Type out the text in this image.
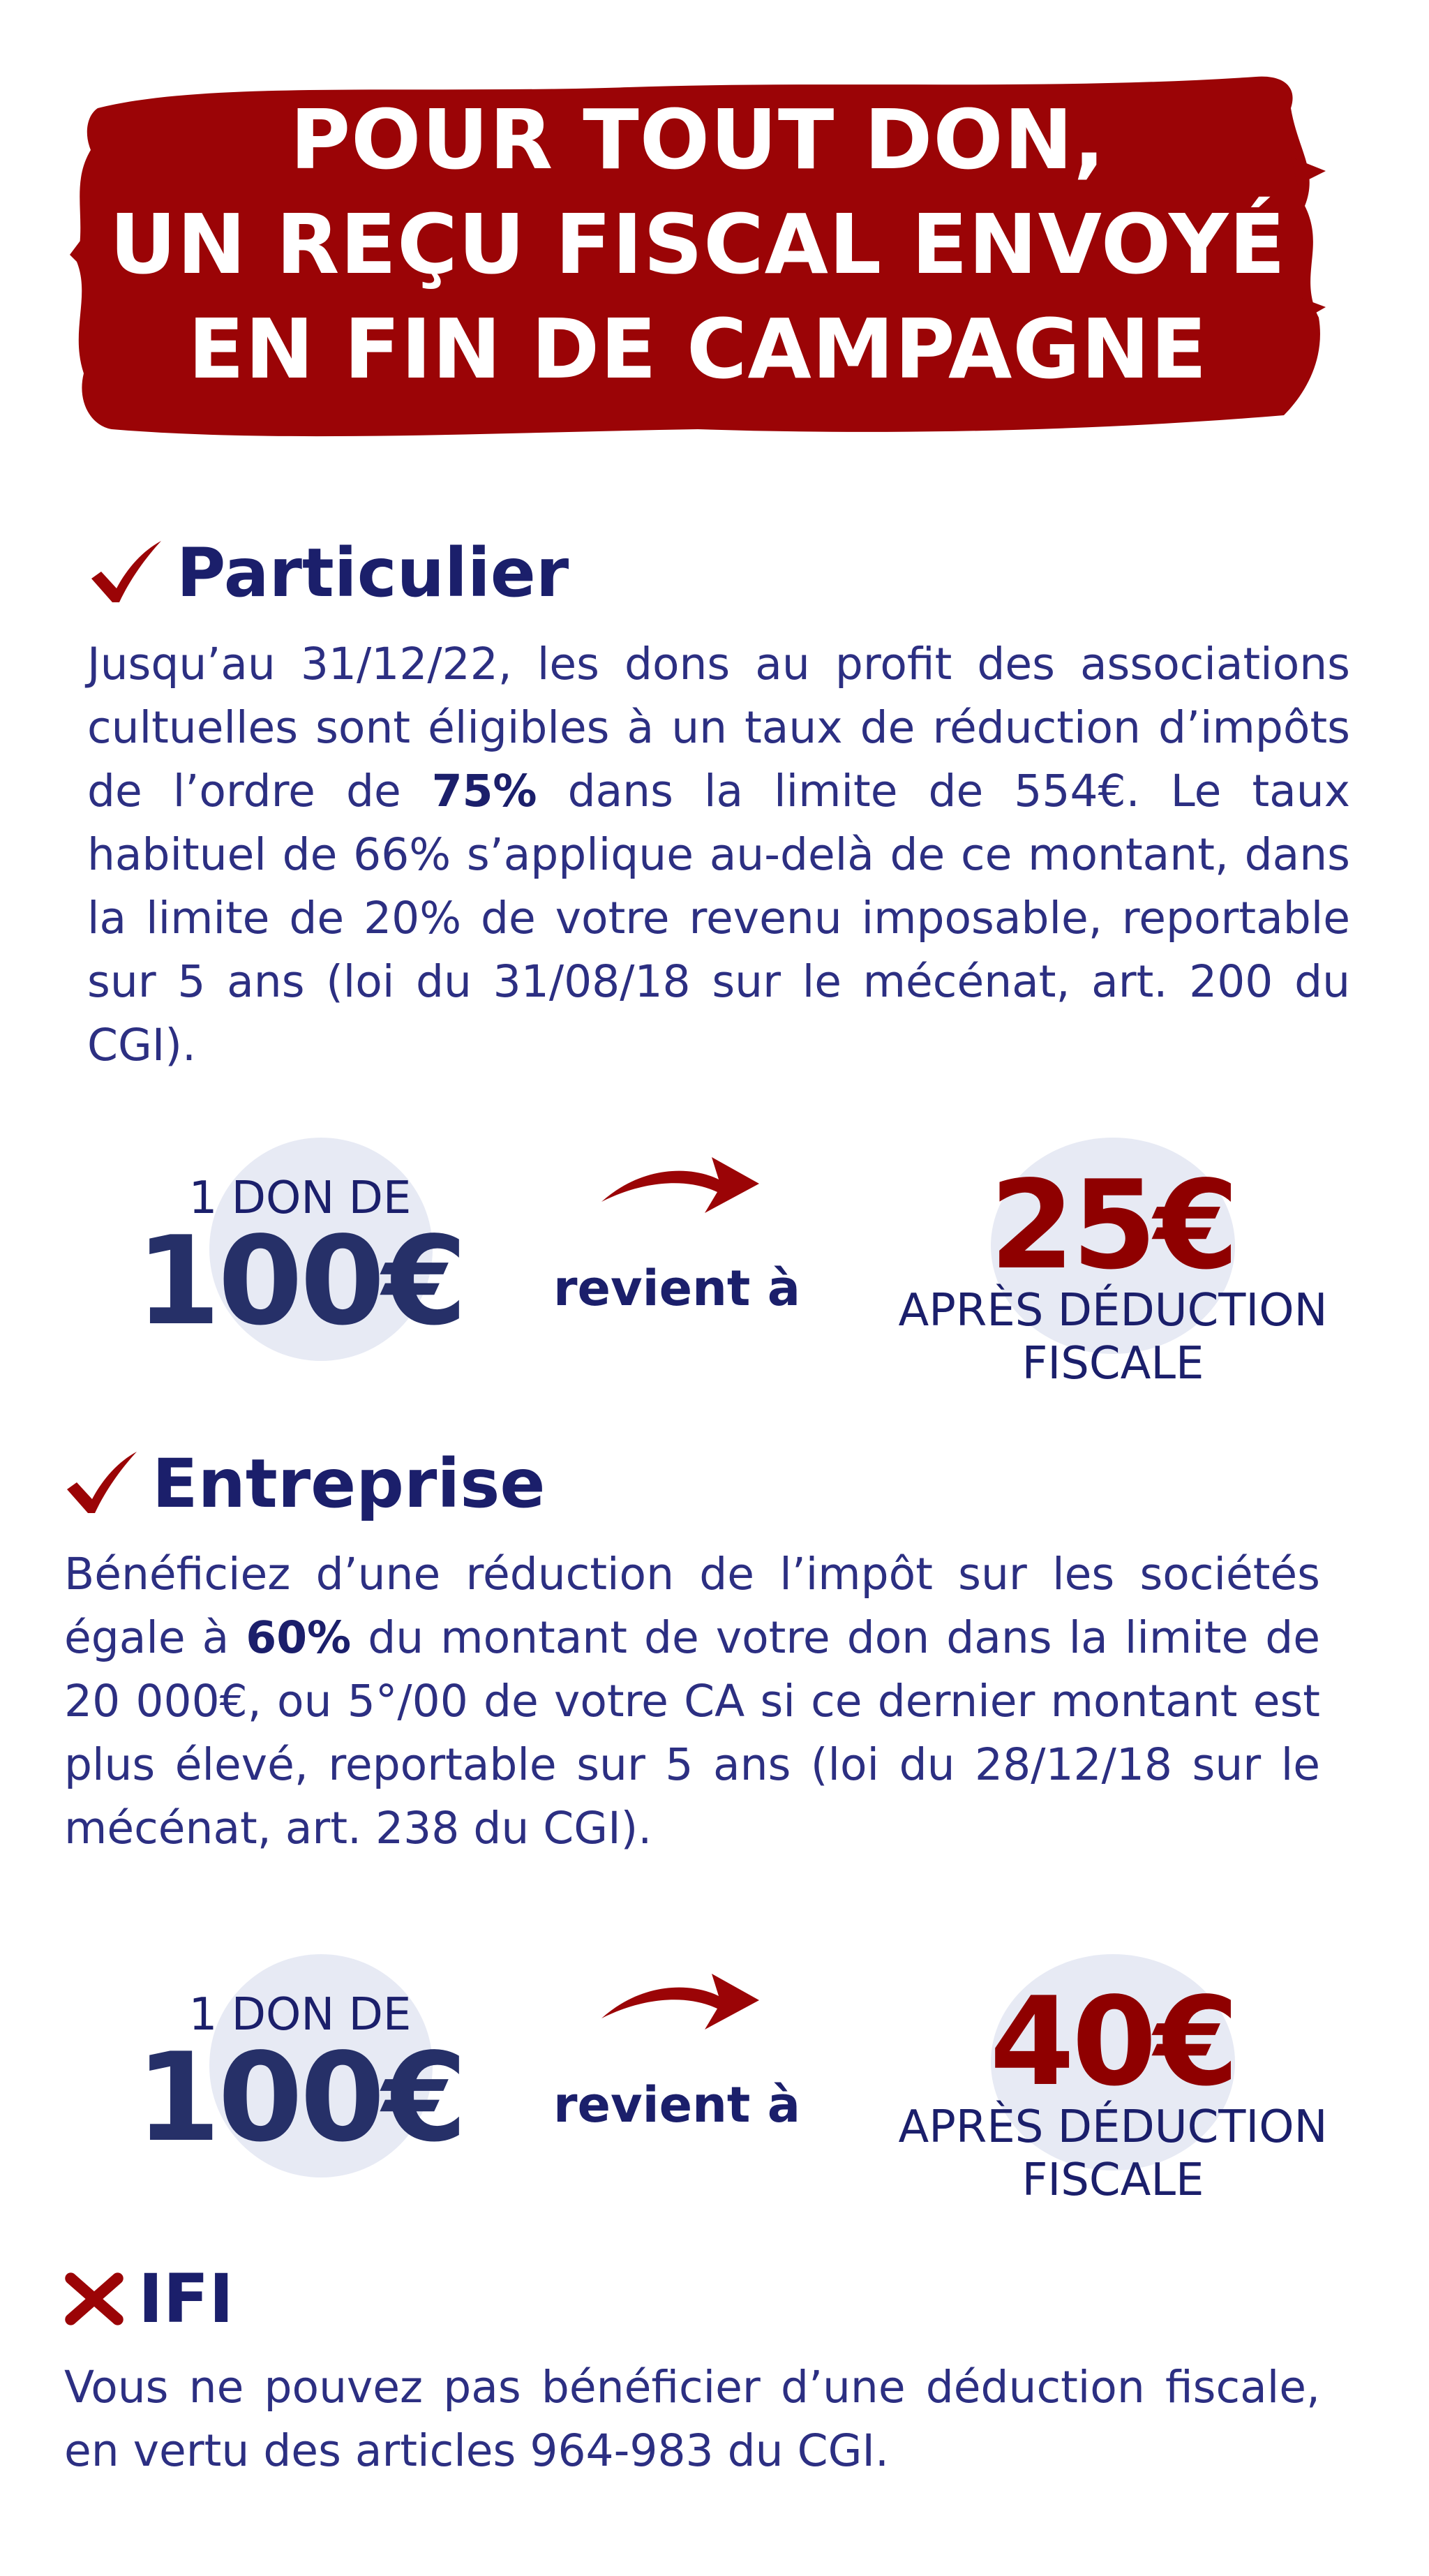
POUR TOUT DON,
UN REÇU FISCAL ENVOYÉ
EN FIN DE CAMPAGNE
Particulier
Jusqu’au 31/12/22, les dons au profit des associations cultuelles sont éligibles à un taux de réduction d’impôts de l’ordre de 75% dans la limite de 554€. Le taux habituel de 66% s’applique au-delà de ce montant, dans la limite de 20% de votre revenu imposable, reportable sur 5 ans (loi du 31/08/18 sur le mécénat, art. 200 du CGI).
1 DON DE
100€	revient à	25€
APRÈS DÉDUCTION
FISCALE
Entreprise
Bénéficiez d’une réduction de l’impôt sur les sociétés égale à 60% du montant de votre don dans la limite de 20 000€, ou 5°/00 de votre CA si ce dernier montant est plus élevé, reportable sur 5 ans (loi du 28/12/18 sur le mécénat, art. 238 du CGI).
1 DON DE
100€	revient à	40€
APRÈS DÉDUCTION
FISCALE
IFI
Vous ne pouvez pas bénéficier d’une déduction fiscale, en vertu des articles 964-983 du CGI.
